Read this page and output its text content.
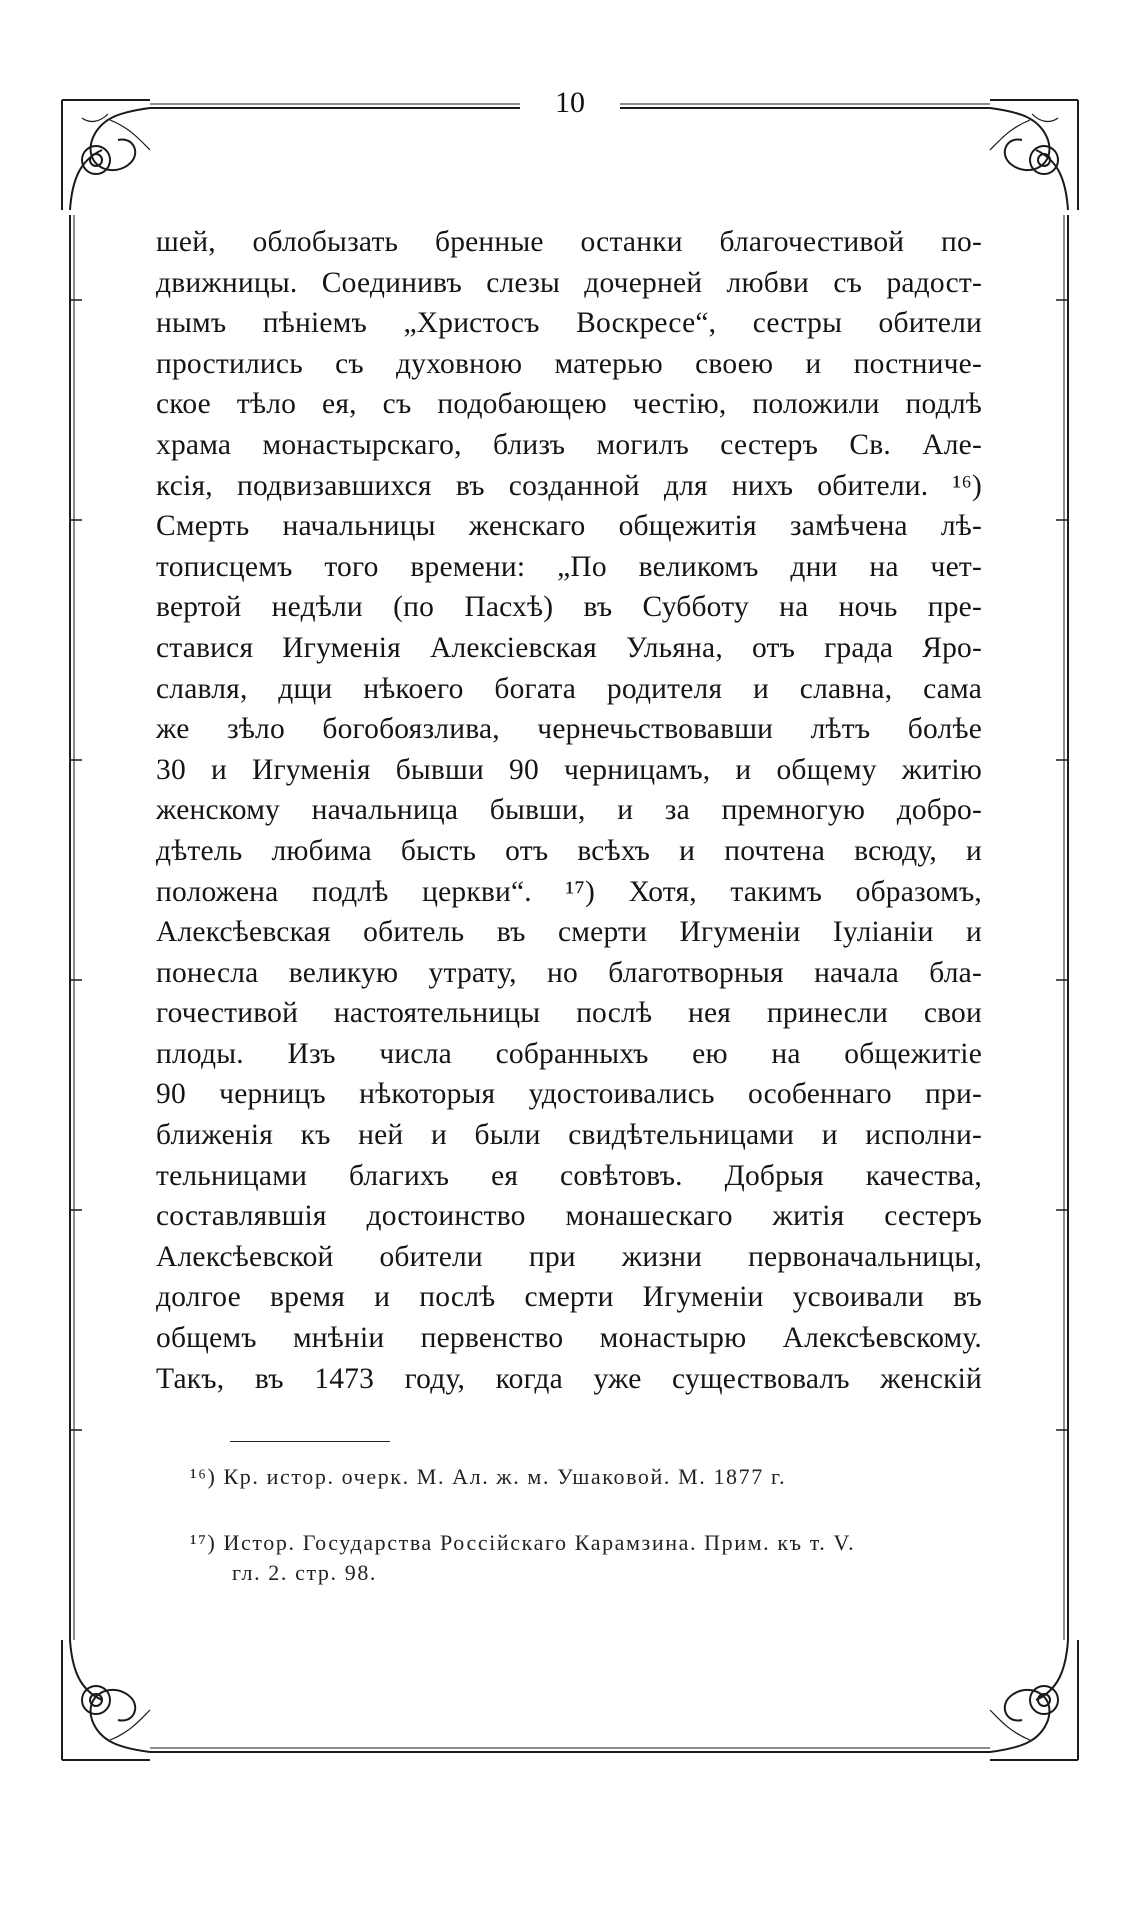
10
шей, облобызать бренные останки благочестивой по-
движницы. Соединивъ слезы дочерней любви съ радост-
нымъ пѣніемъ „Христосъ Воскресе“, сестры обители
простились съ духовною матерью своею и постниче-
ское тѣло ея, съ подобающею честію, положили подлѣ
храма монастырскаго, близъ могилъ сестеръ Св. Але-
ксія, подвизавшихся въ созданной для нихъ обители. ¹⁶)
Смерть начальницы женскаго общежитія замѣчена лѣ-
тописцемъ того времени: „По великомъ дни на чет-
вертой недѣли (по Пасхѣ) въ Субботу на ночь пре-
ставися Игуменія Алексіевская Ульяна, отъ града Яро-
славля, дщи нѣкоего богата родителя и славна, сама
же зѣло богобоязлива, чернечьствовавши лѣтъ болѣе
30 и Игуменія бывши 90 черницамъ, и общему житію
женскому начальница бывши, и за премногую добро-
дѣтель любима бысть отъ всѣхъ и почтена всюду, и
положена подлѣ церкви“. ¹⁷) Хотя, такимъ образомъ,
Алексѣевская обитель въ смерти Игуменіи Іуліаніи и
понесла великую утрату, но благотворныя начала бла-
гочестивой настоятельницы послѣ нея принесли свои
плоды. Изъ числа собранныхъ ею на общежитіе
90 черницъ нѣкоторыя удостоивались особеннаго при-
ближенія къ ней и были свидѣтельницами и исполни-
тельницами благихъ ея совѣтовъ. Добрыя качества,
составлявшія достоинство монашескаго житія сестеръ
Алексѣевской обители при жизни первоначальницы,
долгое время и послѣ смерти Игуменіи усвоивали въ
общемъ мнѣніи первенство монастырю Алексѣевскому.
Такъ, въ 1473 году, когда уже существовалъ женскій
¹⁶) Кр. истор. очерк. М. Ал. ж. м. Ушаковой. М. 1877 г.
¹⁷) Истор. Государства Россійскаго Карамзина. Прим. къ т. V.
гл. 2. стр. 98.
